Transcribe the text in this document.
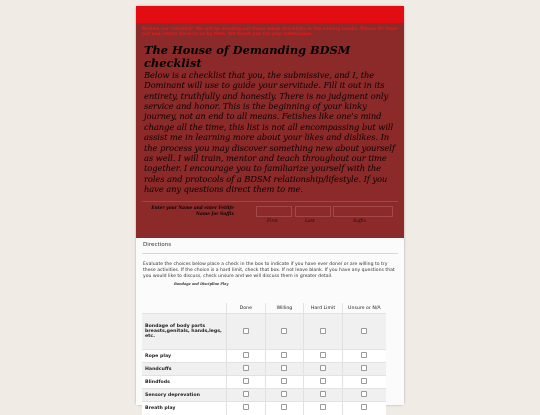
Review our checklist! We will be sending out these bdsm checklists in the coming weeks. Please fill them out and return them to us by then. We thank you for your submission.
The House of Demanding BDSM checklist
Below is a checklist that you, the submissive, and I, the Dominant will use to guide your servitude. Fill it out in its entirety, truthfully and honestly. There is no judgment only service and honor. This is the beginning of your kinky journey, not an end to all means. Fetishes like one's mind change all the time, this list is not all encompassing but will assist me in learning more about your likes and dislikes. In the process you may discover something new about yourself as well. I will train, mentor and teach throughout our time together. I encourage you to familiarize yourself with the roles and protocols of a BDSM relationship/lifestyle. If you have any questions direct them to me.
Enter your Name and enter Fetlife Name for Suffix
First	Last	Suffix
Directions
Evaluate the choices below place a check in the box to indicate if you have ever done/ or are willing to try these activities. If the choice is a hard limit, check that box. If not leave blank. If you have any questions that you would like to discuss, check unsure and we will discuss them in greater detail.
Bondage and Discipline Play
	Done	Willing	Hard Limit	Unsure or N/A
Bondage of body parts breasts,genitals, hands,legs, etc.				
Rope play				
Handcuffs				
Blindfods				
Sensory deprevation				
Breath play				
